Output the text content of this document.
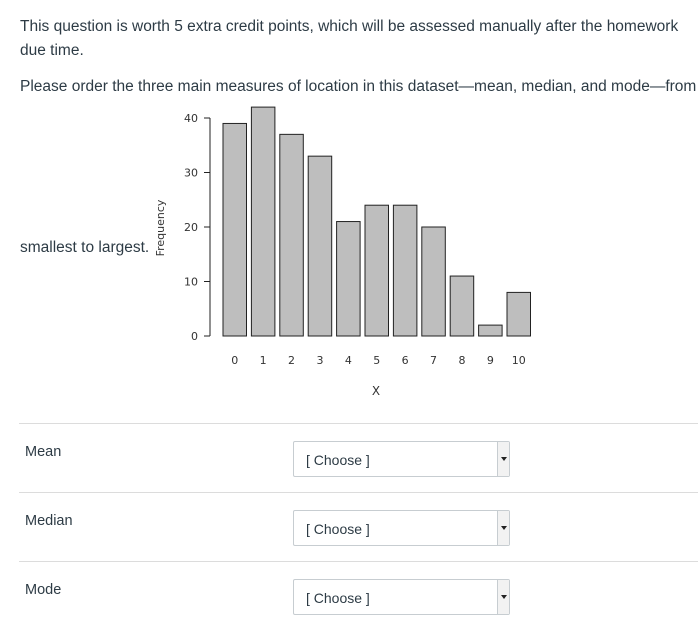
This question is worth 5 extra credit points, which will be assessed manually after the homework
due time.
Please order the three main measures of location in this dataset—mean, median, and mode—from
smallest to largest.
0
10
20
30
40
Frequency
0 1 2 3 4 5 6 7 8 9 10
X
Mean	[ Choose ]
Median	[ Choose ]
Mode	[ Choose ]
